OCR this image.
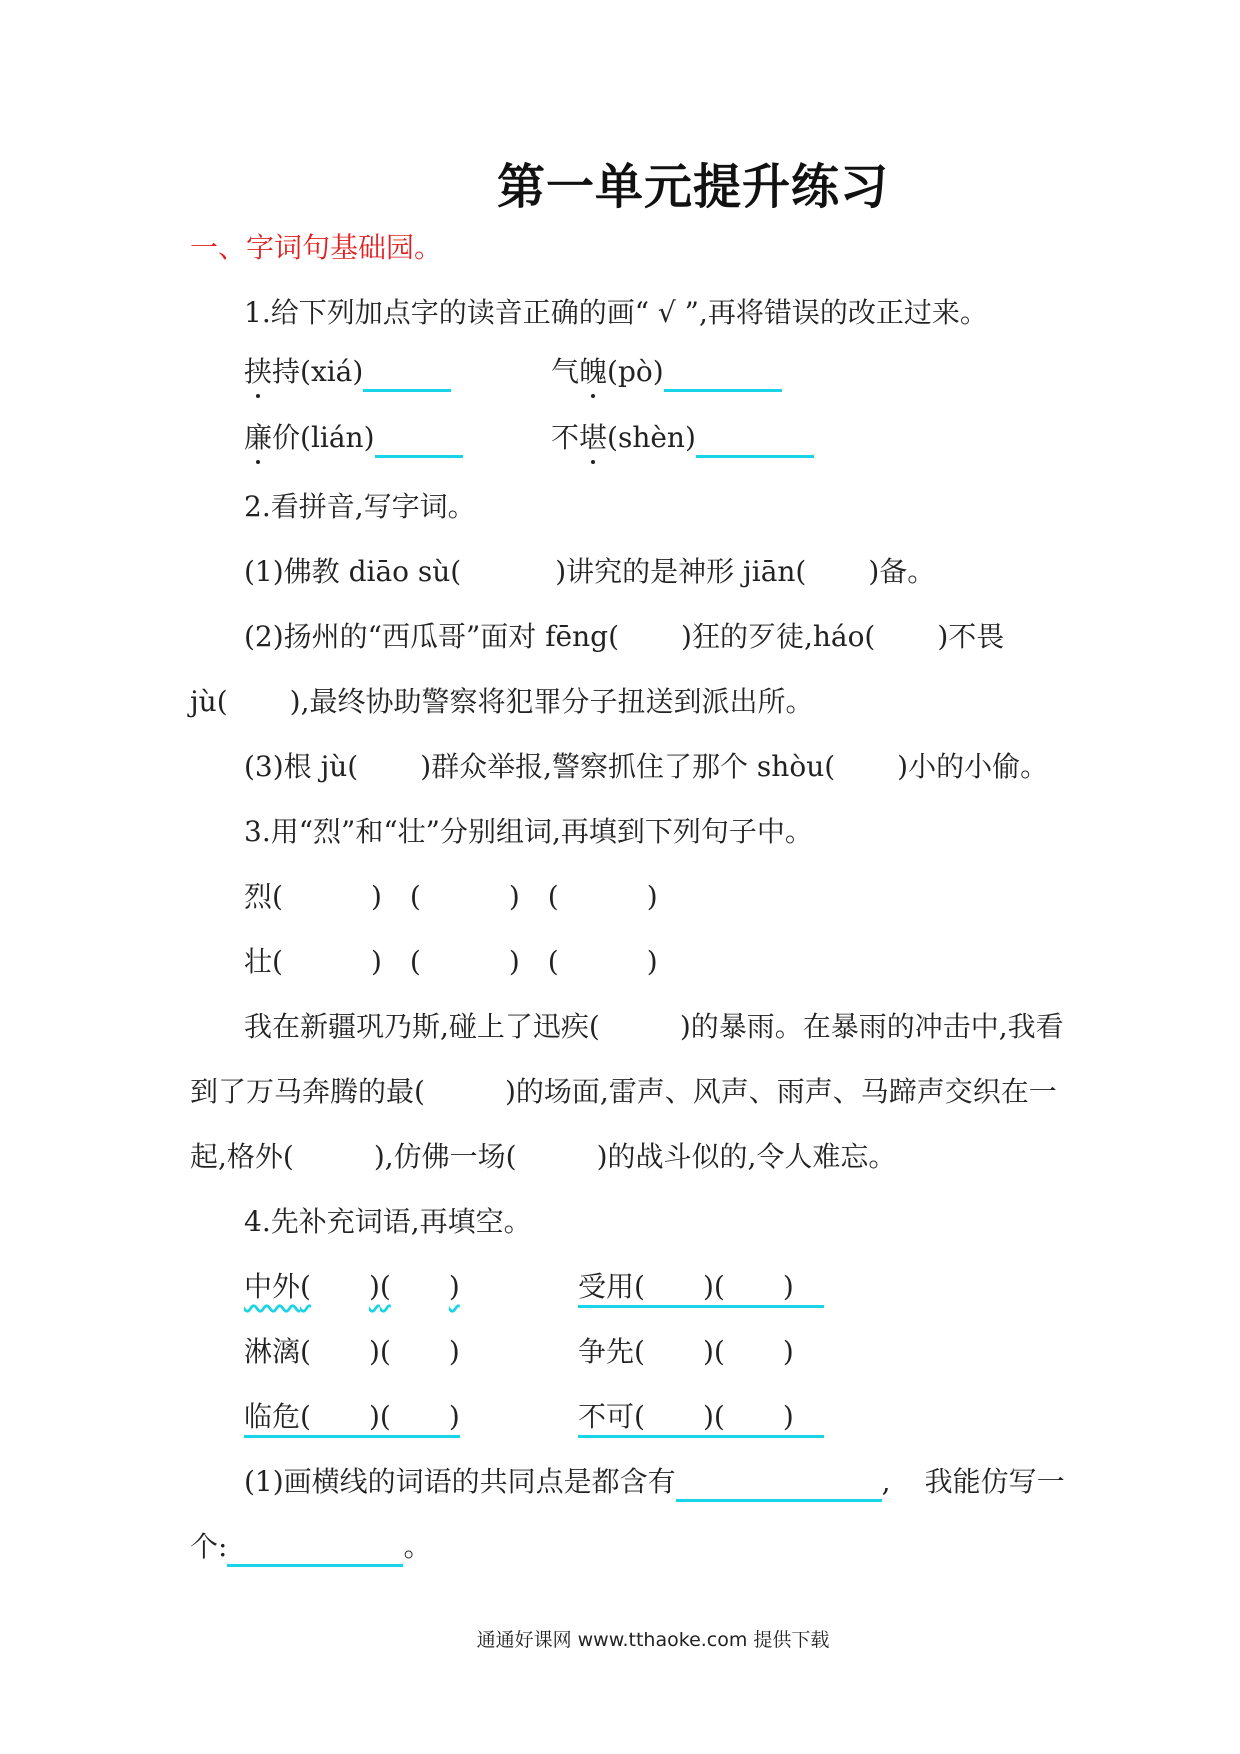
第一单元提升练习
一、字词句基础园。
1.给下列加点字的读音正确的画“ √ ”,再将错误的改正过来。
挟持(xiá)	气魄(pò)
廉价(lián)	不堪(shèn)
2.看拼音,写字词。
(1)佛教 diāo sù(	)讲究的是神形 jiān( )备。
(2)扬州的“西瓜哥”面对 fēng( )狂的歹徒,háo( )不畏
jù( ),最终协助警察将犯罪分子扭送到派出所。
(3)根 jù( )群众举报,警察抓住了那个 shòu( )小的小偷。
3.用“烈”和“壮”分别组词,再填到下列句子中。
烈(	) (	) (	)
壮(	) (	) (	)
我在新疆巩乃斯,碰上了迅疾(	)的暴雨。在暴雨的冲击中,我看
到了万马奔腾的最(	)的场面,雷声、风声、雨声、马蹄声交织在一
起,格外(	),仿佛一场(	)的战斗似的,令人难忘。
4.先补充词语,再填空。
中外( )( )	受用( )( )
淋漓( )( )	争先( )( )
临危( )( )	不可( )( )
(1)画横线的词语的共同点是都含有	, 我能仿写一
个:	。
通通好课网 www.tthaoke.com 提供下载
